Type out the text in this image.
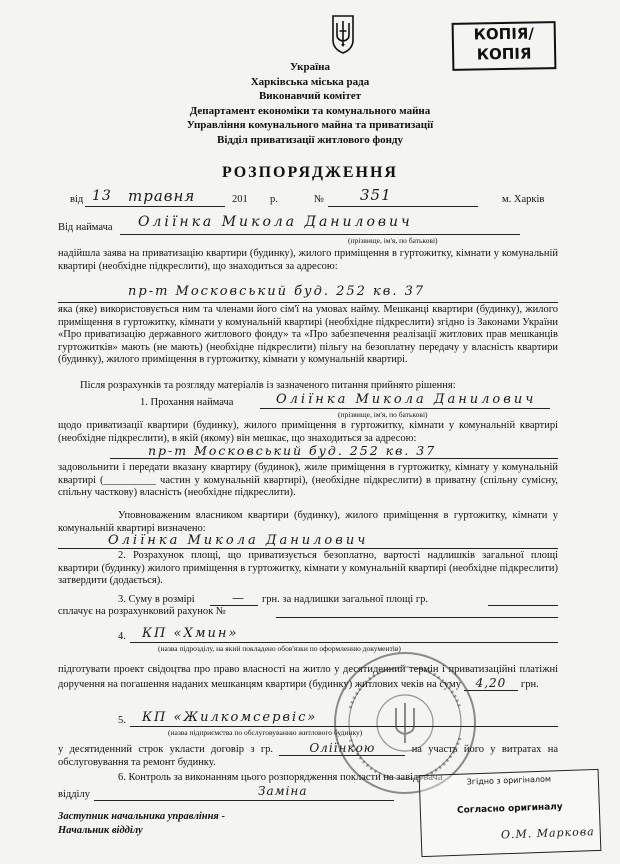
КОПІЯ/
КОПІЯ
Україна
Харківська міська рада
Виконавчий комітет
Департамент економіки та комунального майна
Управління комунального майна та приватизації
Відділ приватизації житлового фонду
РОЗПОРЯДЖЕННЯ
від 13 травня	201 р.	№ 351	м. Харків
Від наймача Оліїнка Микола Данилович
(прізвище, ім'я, по батькові)
надійшла заява на приватизацію квартири (будинку), жилого приміщення в гуртожитку, кімнати у комунальній квартирі (необхідне підкреслити), що знаходиться за адресою:
пр-т Московський буд. 252 кв. 37
яка (яке) використовується ним та членами його сім'ї на умовах найму. Мешканці квартири (будинку), жилого приміщення в гуртожитку, кімнати у комунальній квартирі (необхідне підкреслити) згідно із Законами України «Про приватизацію державного житлового фонду» та «Про забезпечення реалізації житлових прав мешканців гуртожитків» мають (не мають) (необхідне підкреслити) пільгу на безоплатну передачу у власність квартири (будинку), жилого приміщення в гуртожитку, кімнати у комунальній квартирі.
Після розрахунків та розгляду матеріалів із зазначеного питання прийнято рішення:
1. Прохання наймача	Оліїнка Микола Данилович
(прізвище, ім'я, по батькові)
щодо приватизації квартири (будинку), жилого приміщення в гуртожитку, кімнати у комунальній квартирі (необхідне підкреслити), в якій (якому) він мешкає, що знаходиться за адресою:
пр-т Московський буд. 252 кв. 37
задовольнити і передати вказану квартиру (будинок), жиле приміщення в гуртожитку, кімнату у комунальній квартирі (__________ частин у комунальній квартирі), (необхідне підкреслити) в приватну (спільну сумісну, спільну часткову) власність (необхідне підкреслити).
Уповноваженим власником квартири (будинку), жилого приміщення в гуртожитку, кімнати у комунальній квартирі визначено:
Оліїнка Микола Данилович
2. Розрахунок площі, що приватизується безоплатно, вартості надлишків загальної площі квартири (будинку) жилого приміщення в гуртожитку, кімнати у комунальній квартирі (необхідне підкреслити) затвердити (додається).
3. Суму в розмірі	— грн. за надлишки загальної площі гр.
сплачує на розрахунковий рахунок №
4. КП «Хмин»
(назва підрозділу, на який покладено обов'язки по оформленню документів)
підготувати проект свідоцтва про право власності на житло у десятиденний термін і приватизаційні платіжні доручення на погашення наданих мешканцям квартири (будинку) житлових чеків на суму 4,20 грн.
5. КП «Жилкомсервіс»
(назва підприємства по обслуговуванню житлового будинку)
у десятиденний строк укласти договір з гр.	Оліїнкою	на участь його у витратах на обслуговування та ремонт будинку.
6. Контроль за виконанням цього розпорядження покласти на завідувача
відділу	Заміна
Заступник начальника управління -
Начальник відділу
Згідно з оригіналом
Согласно оригиналу
О.М. Маркова
